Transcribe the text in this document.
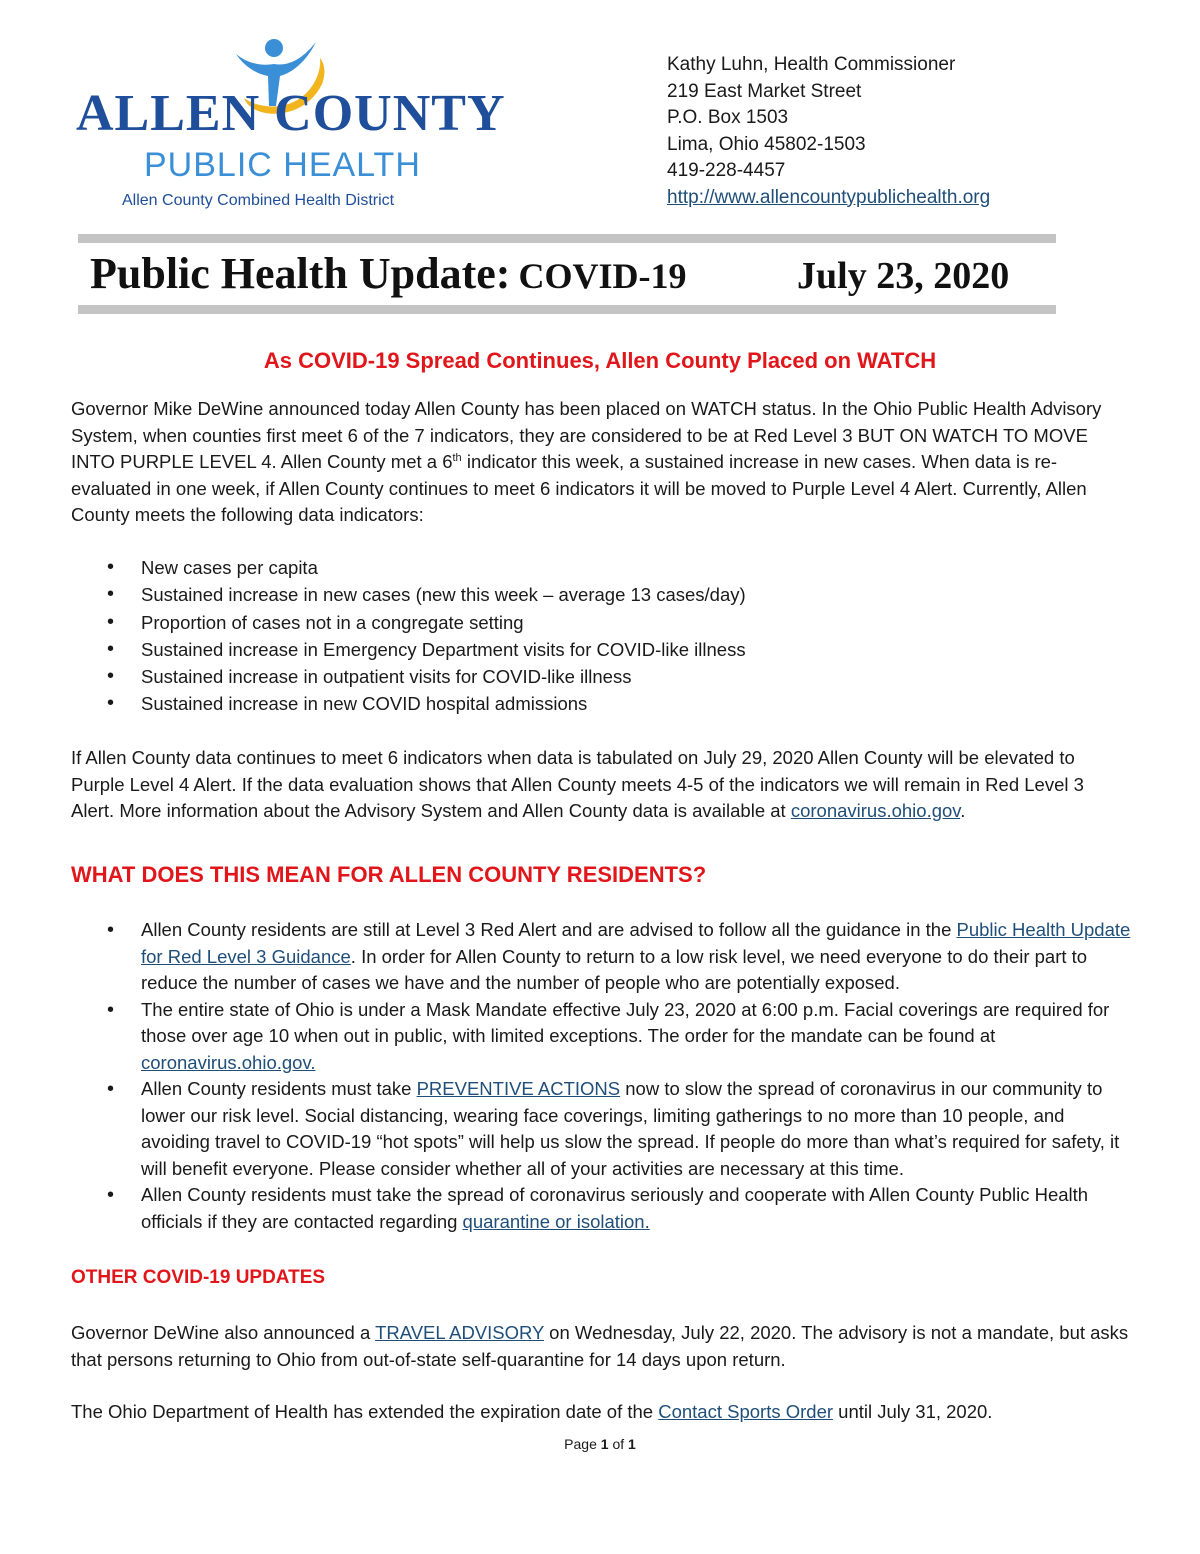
ALLEN COUNTY
PUBLIC HEALTH
Allen County Combined Health District
Kathy Luhn, Health Commissioner
219 East Market Street
P.O. Box 1503
Lima, Ohio 45802-1503
419-228-4457
http://www.allencountypublichealth.org
Public Health Update: COVID-19	July 23, 2020
As COVID-19 Spread Continues, Allen County Placed on WATCH

Governor Mike DeWine announced today Allen County has been placed on WATCH status. In the Ohio Public Health Advisory System, when counties first meet 6 of the 7 indicators, they are considered to be at Red Level 3 BUT ON WATCH TO MOVE INTO PURPLE LEVEL 4. Allen County met a 6th indicator this week, a sustained increase in new cases. When data is re-evaluated in one week, if Allen County continues to meet 6 indicators it will be moved to Purple Level 4 Alert. Currently, Allen County meets the following data indicators:

• New cases per capita
• Sustained increase in new cases (new this week – average 13 cases/day)
• Proportion of cases not in a congregate setting
• Sustained increase in Emergency Department visits for COVID-like illness
• Sustained increase in outpatient visits for COVID-like illness
• Sustained increase in new COVID hospital admissions

If Allen County data continues to meet 6 indicators when data is tabulated on July 29, 2020 Allen County will be elevated to Purple Level 4 Alert. If the data evaluation shows that Allen County meets 4-5 of the indicators we will remain in Red Level 3 Alert. More information about the Advisory System and Allen County data is available at coronavirus.ohio.gov.

WHAT DOES THIS MEAN FOR ALLEN COUNTY RESIDENTS?
• Allen County residents are still at Level 3 Red Alert and are advised to follow all the guidance in the Public Health Update for Red Level 3 Guidance. In order for Allen County to return to a low risk level, we need everyone to do their part to reduce the number of cases we have and the number of people who are potentially exposed.
• The entire state of Ohio is under a Mask Mandate effective July 23, 2020 at 6:00 p.m. Facial coverings are required for those over age 10 when out in public, with limited exceptions. The order for the mandate can be found at coronavirus.ohio.gov.
• Allen County residents must take PREVENTIVE ACTIONS now to slow the spread of coronavirus in our community to lower our risk level. Social distancing, wearing face coverings, limiting gatherings to no more than 10 people, and avoiding travel to COVID-19 “hot spots” will help us slow the spread. If people do more than what’s required for safety, it will benefit everyone. Please consider whether all of your activities are necessary at this time.
• Allen County residents must take the spread of coronavirus seriously and cooperate with Allen County Public Health officials if they are contacted regarding quarantine or isolation.
OTHER COVID-19 UPDATES

Governor DeWine also announced a TRAVEL ADVISORY on Wednesday, July 22, 2020. The advisory is not a mandate, but asks that persons returning to Ohio from out-of-state self-quarantine for 14 days upon return.

The Ohio Department of Health has extended the expiration date of the Contact Sports Order until July 31, 2020.

Page 1 of 1
